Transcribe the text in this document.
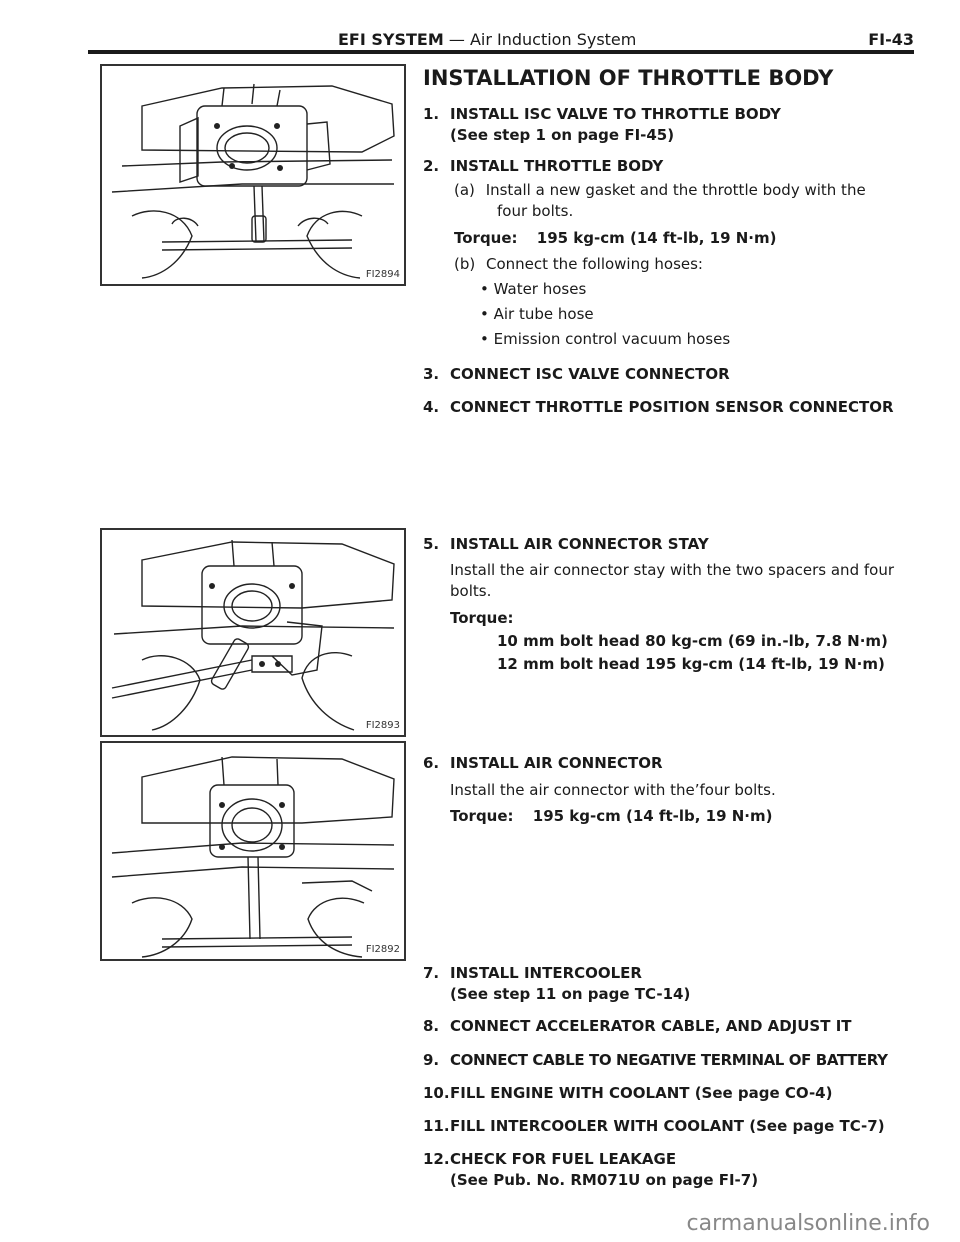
EFI SYSTEM — Air Induction System	FI-43
FI2894
FI2893
FI2892
INSTALLATION OF THROTTLE BODY
1. INSTALL ISC VALVE TO THROTTLE BODY
(See step 1 on page FI-45)
2. INSTALL THROTTLE BODY
(a) Install a new gasket and the throttle body with the
four bolts.
Torque: 195 kg-cm (14 ft-lb, 19 N·m)
(b) Connect the following hoses:
• Water hoses
• Air tube hose
• Emission control vacuum hoses
3. CONNECT ISC VALVE CONNECTOR
4. CONNECT THROTTLE POSITION SENSOR CONNECTOR
5. INSTALL AIR CONNECTOR STAY
Install the air connector stay with the two spacers and four
bolts.
Torque:
10 mm bolt head 80 kg-cm (69 in.-lb, 7.8 N·m)
12 mm bolt head 195 kg-cm (14 ft-lb, 19 N·m)
6. INSTALL AIR CONNECTOR
Install the air connector with theʼfour bolts.
Torque: 195 kg-cm (14 ft-lb, 19 N·m)
7. INSTALL INTERCOOLER
(See step 11 on page TC-14)
8. CONNECT ACCELERATOR CABLE, AND ADJUST IT
9. CONNECT CABLE TO NEGATIVE TERMINAL OF BATTERY
10. FILL ENGINE WITH COOLANT (See page CO-4)
11. FILL INTERCOOLER WITH COOLANT (See page TC-7)
12. CHECK FOR FUEL LEAKAGE
(See Pub. No. RM071U on page FI-7)
carmanualsonline.info
